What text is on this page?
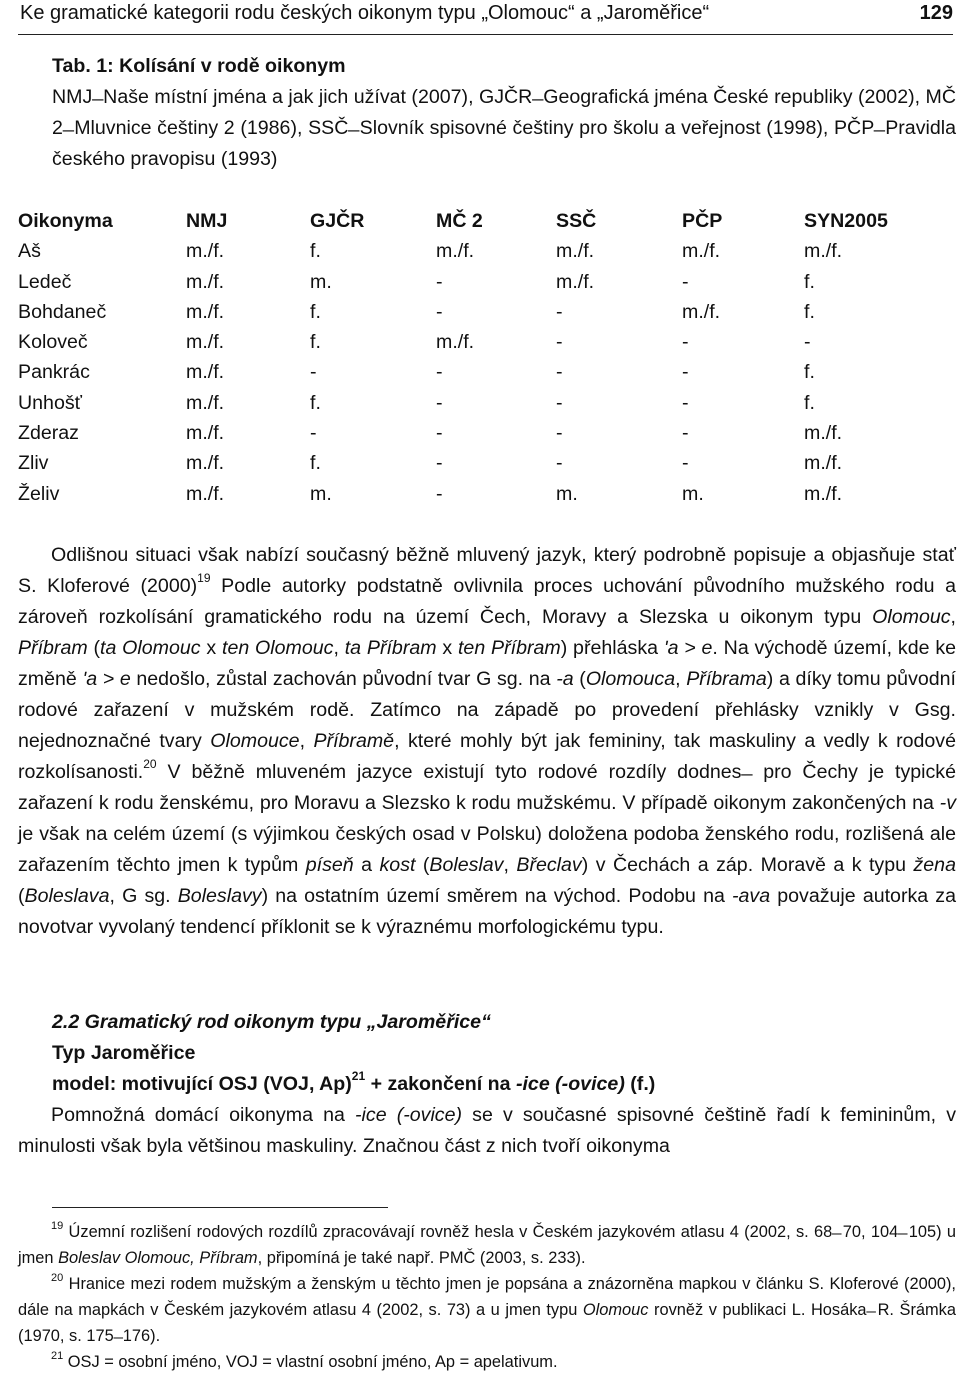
Ke gramatické kategorii rodu českých oikonym typu „Olomouc“ a „Jaroměřice“	129

Tab. 1: Kolísání v rodě oikonym
NMJ ̶ Naše místní jména a jak jich užívat (2007), GJČR ̶ Geografická jména České republiky (2002), MČ 2 ̶ Mluvnice češtiny 2 (1986), SSČ ̶ Slovník spisovné češtiny pro školu a veřejnost (1998), PČP ̶ Pravidla českého pravopisu (1993)

Oikonyma	NMJ	GJČR	MČ 2	SSČ	PČP	SYN2005
Aš	m./f.	f.	m./f.	m./f.	m./f.	m./f.
Ledeč	m./f.	m.	-	m./f.	-	f.
Bohdaneč	m./f.	f.	-	-	m./f.	f.
Koloveč	m./f.	f.	m./f.	-	-	-
Pankrác	m./f.	-	-	-	-	f.
Unhošť	m./f.	f.	-	-	-	f.
Zderaz	m./f.	-	-	-	-	m./f.
Zliv	m./f.	f.	-	-	-	m./f.
Želiv	m./f.	m.	-	m.	m.	m./f.

Odlišnou situaci však nabízí současný běžně mluvený jazyk, který podrobně popisuje a objasňuje stať S. Kloferové $(2000)^{19}$ Podle autorky podstatně ovlivnila proces uchování původního mužského rodu a zároveň rozkolísání gramatického rodu na území Čech, Moravy a Slezska u oikonym typu Olomouc, Příbram (ta Olomouc x ten Olomouc, ta Příbram x ten Příbram) přehláska ʹa > e. Na východě území, kde ke změně ʹa > e nedošlo, zůstal zachován původní tvar G sg. na -a (Olomouca, Příbrama) a díky tomu původní rodové zařazení v mužském rodě. Zatímco na západě po provedení přehlásky vznikly v Gsg. nejednoznačné tvary Olomouce, Příbramě, které mohly být jak femininy, tak maskuliny a vedly k rodové rozkolísanosti.$^{20}$ V běžně mluveném jazyce existují tyto rodové rozdíly dodnes ̶ pro Čechy je typické zařazení k rodu ženskému, pro Moravu a Slezsko k rodu mužskému. V případě oikonym zakončených na -v je však na celém území (s výjimkou českých osad v Polsku) doložena podoba ženského rodu, rozlišená ale zařazením těchto jmen k typům píseň a kost (Boleslav, Břeclav) v Čechách a záp. Moravě a k typu žena (Boleslava, G sg. Boleslavy) na ostatním území směrem na východ. Podobu na -ava považuje autorka za novotvar vyvolaný tendencí příklonit se k výraznému morfologickému typu.

2.2 Gramatický rod oikonym typu „Jaroměřice“
Typ Jaroměřice
model: motivující OSJ (VOJ, Ap)$^{21}$ + zakončení na -ice (-ovice) (f.)

Pomnožná domácí oikonyma na -ice (-ovice) se v současné spisovné češtině řadí k femininům, v minulosti však byla většinou maskuliny. Značnou část z nich tvoří oikonyma

$^{19}$ Územní rozlišení rodových rozdílů zpracovávají rovněž hesla v Českém jazykovém atlasu 4 (2002, s. 68 ̶ 70, 104 ̶ 105) u jmen Boleslav Olomouc, Příbram, připomíná je také např. PMČ (2003, s. 233).

$^{20}$ Hranice mezi rodem mužským a ženským u těchto jmen je popsána a znázorněna mapkou v článku S. Kloferové (2000), dále na mapkách v Českém jazykovém atlasu 4 (2002, s. 73) a u jmen typu Olomouc rovněž v publikaci L. Hosáka ̶ R. Šrámka (1970, s. 175 ̶ 176).

$^{21}$ OSJ = osobní jméno, VOJ = vlastní osobní jméno, Ap = apelativum.
